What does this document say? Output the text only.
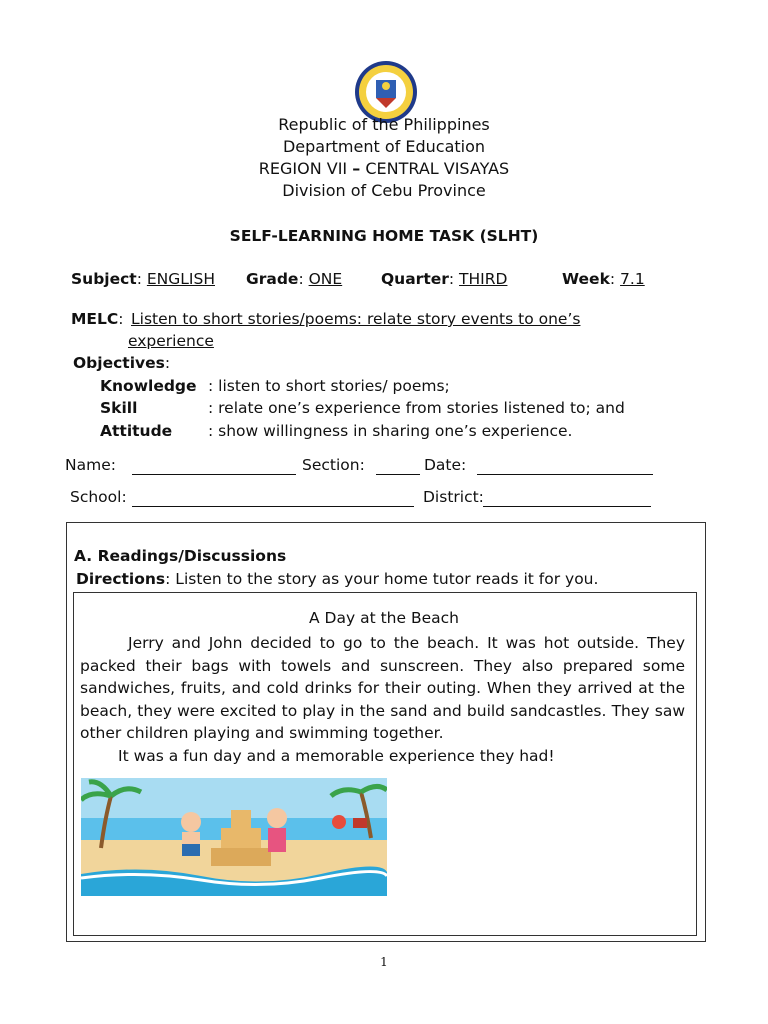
Republic of the Philippines
Department of Education
REGION VII – CENTRAL VISAYAS
Division of Cebu Province
SELF-LEARNING HOME TASK (SLHT)
Subject: ENGLISH Grade: ONE	Quarter: THIRD	Week: 7.1
MELC: Listen to short stories/poems: relate story events to one’s
experience
Objectives:
Knowledge : listen to short stories/ poems;
Skill	: relate one’s experience from stories listened to; and
Attitude : show willingness in sharing one’s experience.
Name:	Section:	Date:
School:	District:
A. Readings/Discussions
Directions: Listen to the story as your home tutor reads it for you.
A Day at the Beach

Jerry and John decided to go to the beach. It was hot outside. They packed their bags with towels and sunscreen. They also prepared some sandwiches, fruits, and cold drinks for their outing. When they arrived at the beach, they were excited to play in the sand and build sandcastles. They saw other children playing and swimming together.

It was a fun day and a memorable experience they had!

1
